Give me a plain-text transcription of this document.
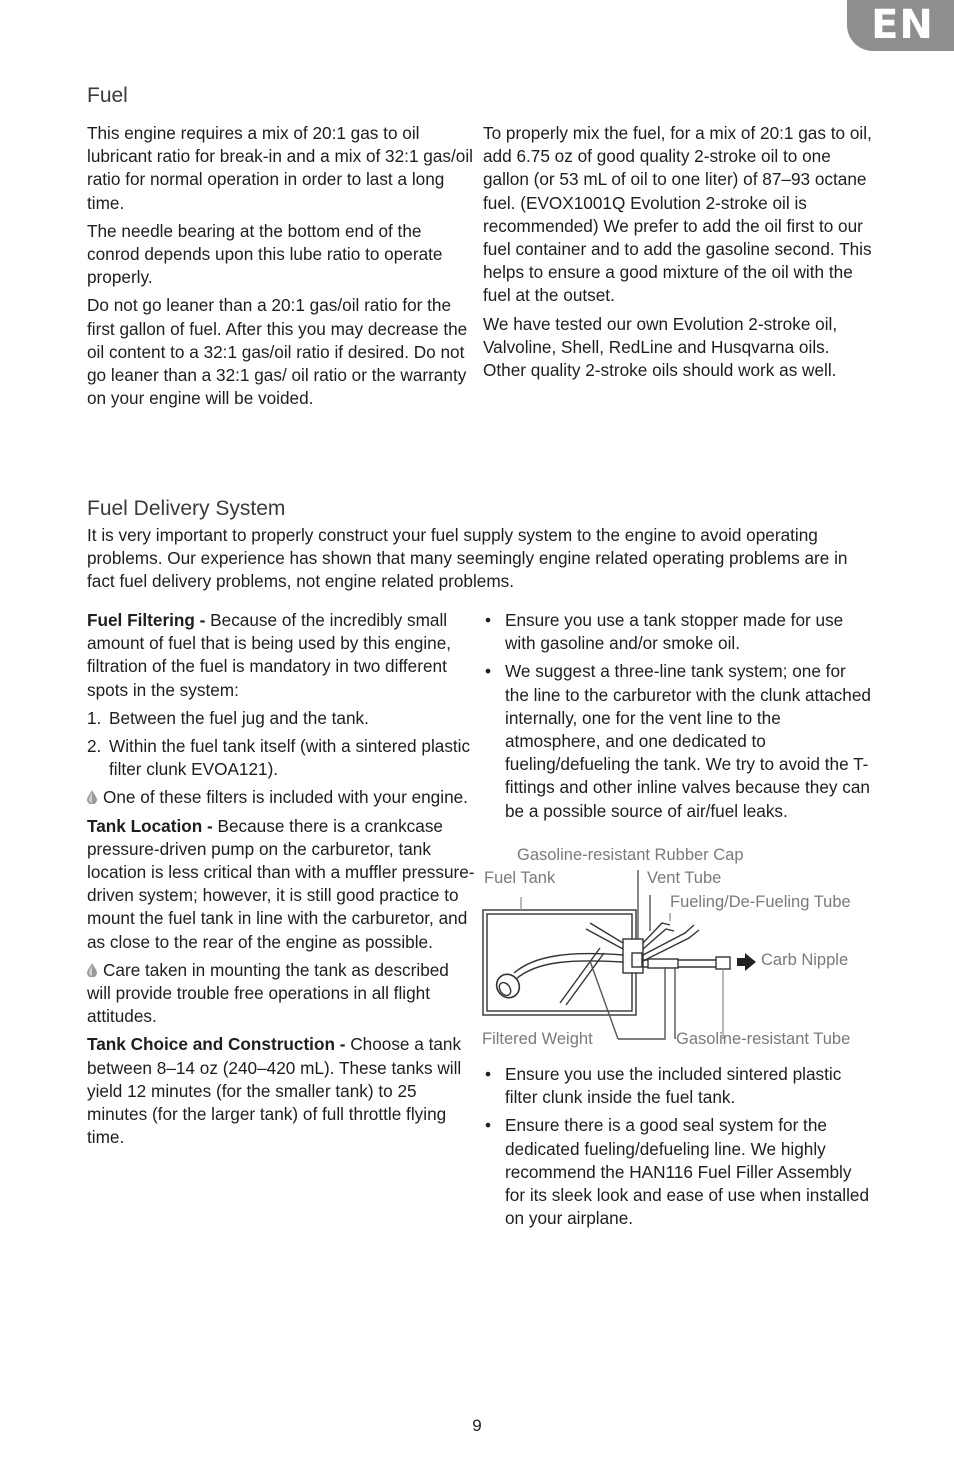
EN
Fuel

This engine requires a mix of 20:1 gas to oil lubricant ratio for break-in and a mix of 32:1 gas/oil ratio for normal operation in order to last a long time.

The needle bearing at the bottom end of the conrod depends upon this lube ratio to operate properly.

Do not go leaner than a 20:1 gas/oil ratio for the first gallon of fuel. After this you may decrease the oil content to a 32:1 gas/oil ratio if desired. Do not go leaner than a 32:1 gas/ oil ratio or the warranty on your engine will be voided.

To properly mix the fuel, for a mix of 20:1 gas to oil, add 6.75 oz of good quality 2-stroke oil to one gallon (or 53 mL of oil to one liter) of 87–93 octane fuel. (EVOX1001Q Evolution 2-stroke oil is recommended) We prefer to add the oil first to our fuel container and to add the gasoline second. This helps to ensure a good mixture of the oil with the fuel at the outset.

We have tested our own Evolution 2-stroke oil, Valvoline, Shell, RedLine and Husqvarna oils. Other quality 2-stroke oils should work as well.

Fuel Delivery System

It is very important to properly construct your fuel supply system to the engine to avoid operating problems. Our experience has shown that many seemingly engine related operating problems are in fact fuel delivery problems, not engine related problems.

Fuel Filtering - Because of the incredibly small amount of fuel that is being used by this engine, filtration of the fuel is mandatory in two different spots in the system:

1. Between the fuel jug and the tank.
2. Within the fuel tank itself (with a sintered plastic filter clunk EVOA121).

One of these filters is included with your engine.

Tank Location - Because there is a crankcase pressure-driven pump on the carburetor, tank location is less critical than with a muffler pressure-driven system; however, it is still good practice to mount the fuel tank in line with the carburetor, and as close to the rear of the engine as possible.

Care taken in mounting the tank as described will provide trouble free operations in all flight attitudes.

Tank Choice and Construction - Choose a tank between 8–14 oz (240–420 mL). These tanks will yield 12 minutes (for the smaller tank) to 25 minutes (for the larger tank) of full throttle flying time.

• Ensure you use a tank stopper made for use with gasoline and/or smoke oil.
• We suggest a three-line tank system; one for the line to the carburetor with the clunk attached internally, one for the vent line to the atmosphere, and one dedicated to fueling/defueling the tank. We try to avoid the T-fittings and other inline valves because they can be a possible source of air/fuel leaks.
Gasoline-resistant Rubber Cap
Fuel Tank	Vent Tube
Fueling/De-Fueling Tube
Carb Nipple
Filtered Weight	Gasoline-resistant Tube
• Ensure you use the included sintered plastic filter clunk inside the fuel tank.
• Ensure there is a good seal system for the dedicated fueling/defueling line. We highly recommend the HAN116 Fuel Filler Assembly for its sleek look and ease of use when installed on your airplane.
9
